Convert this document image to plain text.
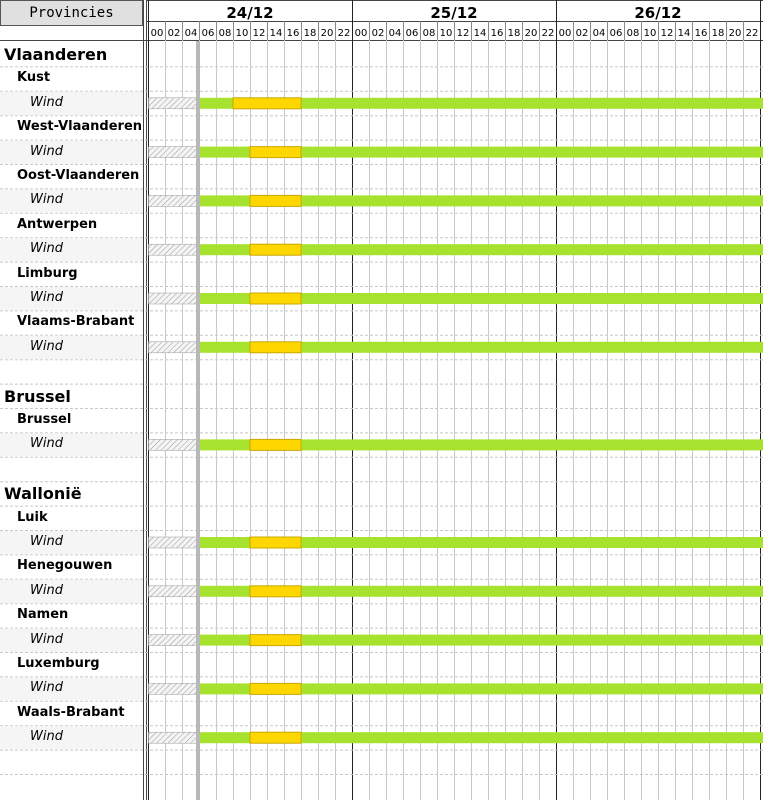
Provincies	24/12	25/12	26/12
00 02 04 06 08 10 12 14 16 18 20 22 00 02 04 06 08 10 12 14 16 18 20 22 00 02 04 06 08 10 12 14 16 18 20 22
Vlaanderen
Kust
Wind
West-Vlaanderen
Wind
Oost-Vlaanderen
Wind
Antwerpen
Wind
Limburg
Wind
Vlaams-Brabant
Wind
Brussel
Brussel
Wind
Wallonië
Luik
Wind
Henegouwen
Wind
Namen
Wind
Luxemburg
Wind
Waals-Brabant
Wind
